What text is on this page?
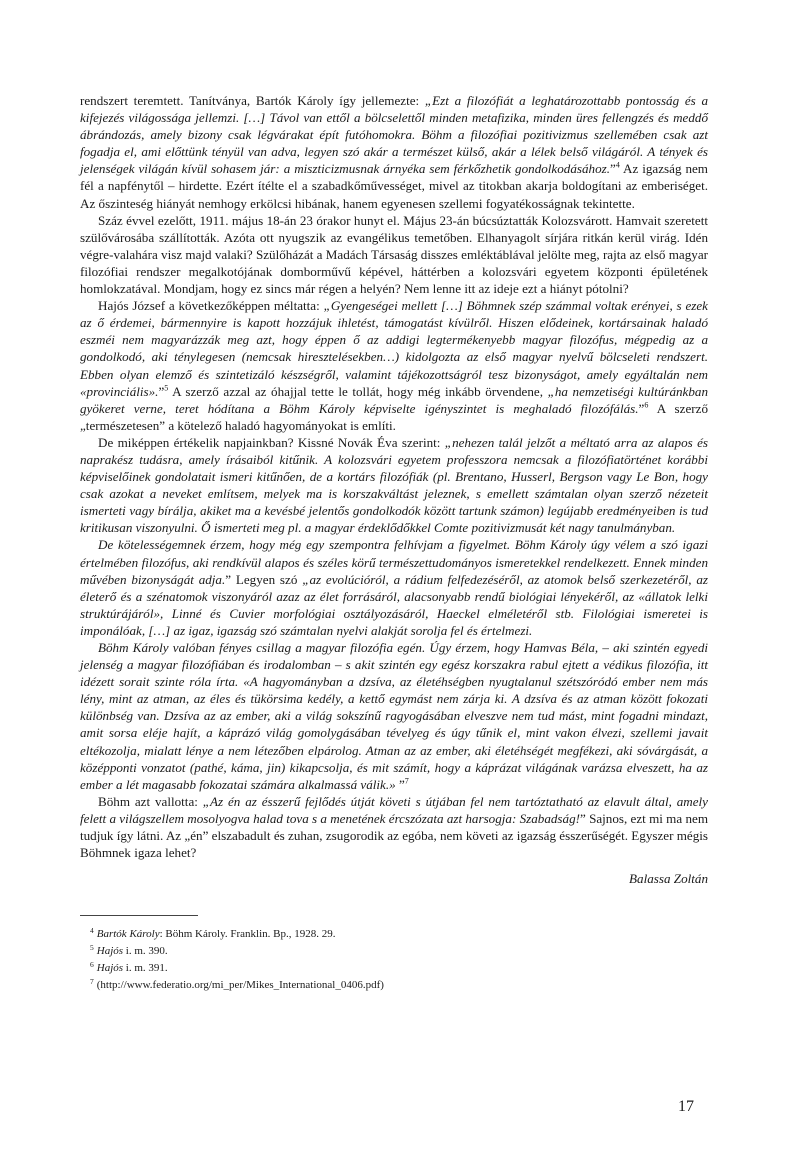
rendszert teremtett. Tanítványa, Bartók Károly így jellemezte: „Ezt a filozófiát a leghatározottabb pontosság és a kifejezés világossága jellemzi. […] Távol van ettől a bölcselettől minden metafizika, minden üres fellengzés és meddő ábrándozás, amely bizony csak légvárakat épít futóhomokra. Böhm a filozófiai pozitivizmus szellemében csak azt fogadja el, ami előttünk tényül van adva, legyen szó akár a természet külső, akár a lélek belső világáról. A tények és jelenségek világán kívül sohasem jár: a miszticizmusnak árnyéka sem férkőzhetik gondolkodásához.”$^4$ Az igazság nem fél a napfénytől – hirdette. Ezért ítélte el a szabadkőművességet, mivel az titokban akarja boldogítani az emberiséget. Az őszinteség hiányát nemhogy erkölcsi hibának, hanem egyenesen szellemi fogyatékosságnak tekintette.

Száz évvel ezelőtt, 1911. május 18-án 23 órakor hunyt el. Május 23-án búcsúztatták Kolozsvárott. Hamvait szeretett szülővárosába szállították. Azóta ott nyugszik az evangélikus temetőben. Elhanyagolt sírjára ritkán kerül virág. Idén végre-valahára visz majd valaki? Szülőházát a Madách Társaság disszes emléktáblával jelölte meg, rajta az első magyar filozófiai rendszer megalkotójának domborművű képével, háttérben a kolozsvári egyetem központi épületének homlokzatával. Mondjam, hogy ez sincs már régen a helyén? Nem lenne itt az ideje ezt a hiányt pótolni?

Hajós József a következőképpen méltatta: „Gyengeségei mellett […] Böhmnek szép számmal voltak erényei, s ezek az ő érdemei, bármennyire is kapott hozzájuk ihletést, támogatást kívülről. Hiszen elődeinek, kortársainak haladó eszméi nem magyarázzák meg azt, hogy éppen ő az addigi legtermékenyebb magyar filozófus, mégpedig az a gondolkodó, aki ténylegesen (nemcsak hiresztelésekben…) kidolgozta az első magyar nyelvű bölcseleti rendszert. Ebben olyan elemző és szintetizáló készségről, valamint tájékozottságról tesz bizonyságot, amely egyáltalán nem «provinciális».”$^5$ A szerző azzal az óhajjal tette le tollát, hogy még inkább örvendene, „ha nemzetiségi kultúránkban gyökeret verne, teret hódítana a Böhm Károly képviselte igényszintet is meghaladó filozófálás.”$^6$ A szerző „természetesen” a kötelező haladó hagyományokat is említi.

De miképpen értékelik napjainkban? Kissné Novák Éva szerint: „nehezen talál jelzőt a méltató arra az alapos és naprakész tudásra, amely írásaiból kitűnik. A kolozsvári egyetem professzora nemcsak a filozófiatörténet korábbi képviselőinek gondolatait ismeri kitűnően, de a kortárs filozófiák (pl. Brentano, Husserl, Bergson vagy Le Bon, hogy csak azokat a neveket említsem, melyek ma is korszakváltást jeleznek, s emellett számtalan olyan szerző nézeteit ismerteti vagy bírálja, akiket ma a kevésbé jelentős gondolkodók között tartunk számon) legújabb eredményeiben is tud kritikusan viszonyulni. Ő ismerteti meg pl. a magyar érdeklődőkkel Comte pozitivizmusát két nagy tanulmányban.

De kötelességemnek érzem, hogy még egy szempontra felhívjam a figyelmet. Böhm Károly úgy vélem a szó igazi értelmében filozófus, aki rendkívül alapos és széles körű természettudományos ismeretekkel rendelkezett. Ennek minden művében bizonyságát adja.” Legyen szó „az evolúcióról, a rádium felfedezéséről, az atomok belső szerkezetéről, az életerő és a szénatomok viszonyáról azaz az élet forrásáról, alacsonyabb rendű biológiai lényekéről, az «állatok lelki struktúrájáról», Linné és Cuvier morfológiai osztályozásáról, Haeckel elméletéről stb. Filológiai ismeretei is imponálóak, […] az igaz, igazság szó számtalan nyelvi alakját sorolja fel és értelmezi.

Böhm Károly valóban fényes csillag a magyar filozófia egén. Úgy érzem, hogy Hamvas Béla, – aki szintén egyedi jelenség a magyar filozófiában és irodalomban – s akit szintén egy egész korszakra rabul ejtett a védikus filozófia, itt idézett sorait szinte róla írta. «A hagyományban a dzsíva, az életéhségben nyugtalanul szétszóródó ember nem más lény, mint az atman, az éles és tükörsima kedély, a kettő egymást nem zárja ki. A dzsíva és az atman között fokozati különbség van. Dzsíva az az ember, aki a világ sokszínű ragyogásában elveszve nem tud mást, mint fogadni mindazt, amit sorsa eléje hajít, a káprázó világ gomolygásában tévelyeg és úgy tűnik el, mint vakon élvezi, szellemi javait eltékozolja, mialatt lénye a nem létezőben elpárolog. Atman az az ember, aki életéhségét megfékezi, aki sóvárgását, a középponti vonzatot (pathé, káma, jin) kikapcsolja, és mit számít, hogy a káprázat világának varázsa elveszett, ha az ember a lét magasabb fokozatai számára alkalmassá válik.» ”$^7$

Böhm azt vallotta: „Az én az ésszerű fejlődés útját követi s útjában fel nem tartóztatható az elavult által, amely felett a világszellem mosolyogva halad tova s a menetének ércszózata azt harsogja: Szabadság!” Sajnos, ezt mi ma nem tudjuk így látni. Az „én” elszabadult és zuhan, zsugorodik az egóba, nem követi az igazság ésszerűségét. Egyszer mégis Böhmnek igaza lehet?

Balassa Zoltán

$^4$ Bartók Károly: Böhm Károly. Franklin. Bp., 1928. 29.

$^5$ Hajós i. m. 390.

$^6$ Hajós i. m. 391.

$^7$ (http://www.federatio.org/mi_per/Mikes_International_0406.pdf)

17
